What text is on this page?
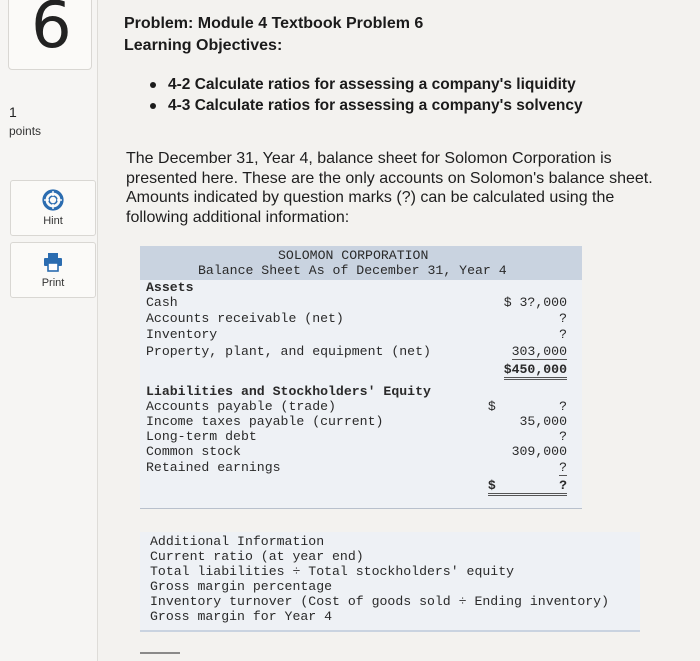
6
1
points
Hint
Print
Problem: Module 4 Textbook Problem 6
Learning Objectives:
4-2 Calculate ratios for assessing a company's liquidity
4-3 Calculate ratios for assessing a company's solvency

The December 31, Year 4, balance sheet for Solomon Corporation is presented here. These are the only accounts on Solomon's balance sheet. Amounts indicated by question marks (?) can be calculated using the following additional information:

SOLOMON CORPORATION
Balance Sheet As of December 31, Year 4
Assets
Cash	$ 3?,000
Accounts receivable (net)	?
Inventory	?
Property, plant, and equipment (net)	303,000
$450,000
Liabilities and Stockholders' Equity
Accounts payable (trade)	$        ?
Income taxes payable (current)	35,000
Long-term debt	?
Common stock	309,000
Retained earnings	?
$        ?
Additional Information
Current ratio (at year end)
Total liabilities ÷ Total stockholders' equity
Gross margin percentage
Inventory turnover (Cost of goods sold ÷ Ending inventory)
Gross margin for Year 4
